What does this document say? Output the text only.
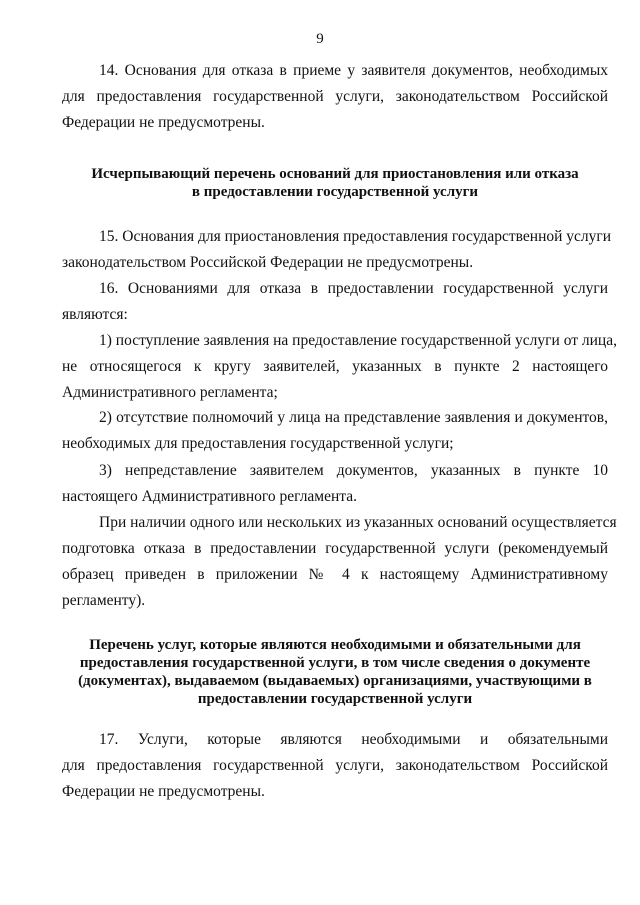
9
14. Основания для отказа в приеме у заявителя документов, необходимых
для предоставления государственной услуги, законодательством Российской
Федерации не предусмотрены.
Исчерпывающий перечень оснований для приостановления или отказа
в предоставлении государственной услуги
15. Основания для приостановления предоставления государственной услуги
законодательством Российской Федерации не предусмотрены.
16. Основаниями для отказа в предоставлении государственной услуги
являются:
1) поступление заявления на предоставление государственной услуги от лица,
не относящегося к кругу заявителей, указанных в пункте 2 настоящего
Административного регламента;
2) отсутствие полномочий у лица на представление заявления и документов,
необходимых для предоставления государственной услуги;
3) непредставление заявителем документов, указанных в пункте 10
настоящего Административного регламента.
При наличии одного или нескольких из указанных оснований осуществляется
подготовка отказа в предоставлении государственной услуги (рекомендуемый
образец приведен в приложении № 4 к настоящему Административному
регламенту).
Перечень услуг, которые являются необходимыми и обязательными для
предоставления государственной услуги, в том числе сведения о документе
(документах), выдаваемом (выдаваемых) организациями, участвующими в
предоставлении государственной услуги
17. Услуги, которые являются необходимыми и обязательными
для предоставления государственной услуги, законодательством Российской
Федерации не предусмотрены.
